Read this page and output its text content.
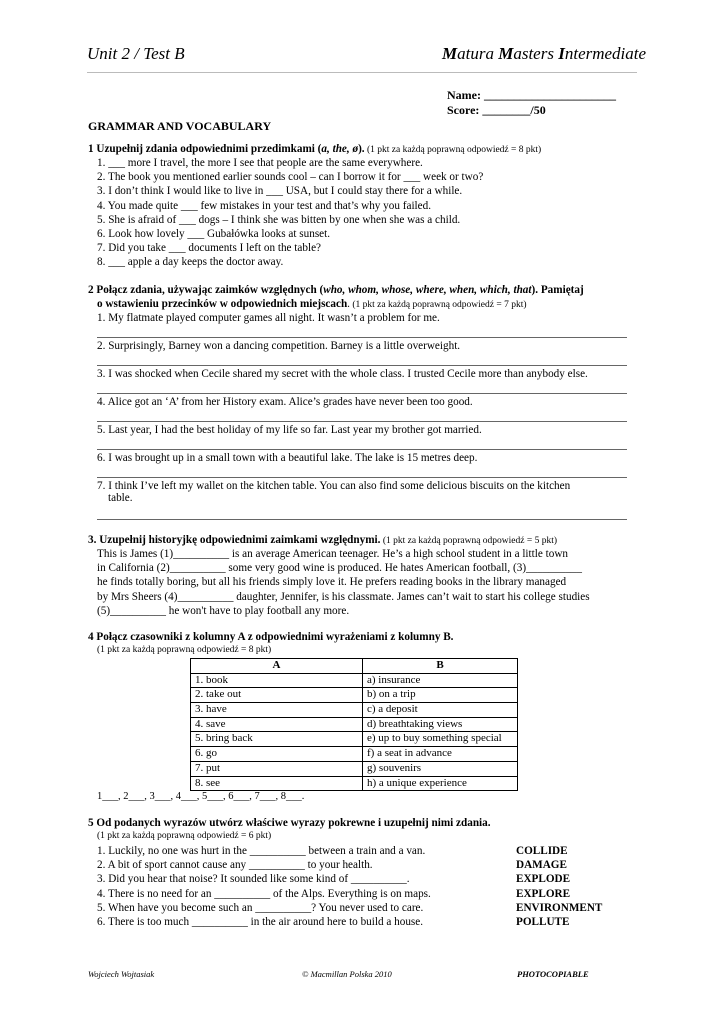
Unit 2 / Test B	Matura Masters Intermediate
Name: ______________________
Score: ________/50
GRAMMAR AND VOCABULARY
1 Uzupełnij zdania odpowiednimi przedimkami (a, the, ø). (1 pkt za każdą poprawną odpowiedź = 8 pkt)
1. ___ more I travel, the more I see that people are the same everywhere.
2. The book you mentioned earlier sounds cool – can I borrow it for ___ week or two?
3. I don’t think I would like to live in ___ USA, but I could stay there for a while.
4. You made quite ___ few mistakes in your test and that’s why you failed.
5. She is afraid of ___ dogs – I think she was bitten by one when she was a child.
6. Look how lovely ___ Gubałówka looks at sunset.
7. Did you take ___ documents I left on the table?
8. ___ apple a day keeps the doctor away.
2 Połącz zdania, używając zaimków względnych (who, whom, whose, where, when, which, that). Pamiętaj
o wstawieniu przecinków w odpowiednich miejscach. (1 pkt za każdą poprawną odpowiedź = 7 pkt)
1. My flatmate played computer games all night. It wasn’t a problem for me.
2. Surprisingly, Barney won a dancing competition. Barney is a little overweight.
3. I was shocked when Cecile shared my secret with the whole class. I trusted Cecile more than anybody else.
4. Alice got an ‘A’ from her History exam. Alice’s grades have never been too good.
5. Last year, I had the best holiday of my life so far. Last year my brother got married.
6. I was brought up in a small town with a beautiful lake. The lake is 15 metres deep.
7. I think I’ve left my wallet on the kitchen table. You can also find some delicious biscuits on the kitchen
table.
3. Uzupełnij historyjkę odpowiednimi zaimkami względnymi. (1 pkt za każdą poprawną odpowiedź = 5 pkt)
This is James (1)__________ is an average American teenager. He’s a high school student in a little town
in California (2)__________ some very good wine is produced. He hates American football, (3)__________
he finds totally boring, but all his friends simply love it. He prefers reading books in the library managed
by Mrs Sheers (4)__________ daughter, Jennifer, is his classmate. James can’t wait to start his college studies
(5)__________ he won't have to play football any more.
4 Połącz czasowniki z kolumny A z odpowiednimi wyrażeniami z kolumny B.
(1 pkt za każdą poprawną odpowiedź = 8 pkt)
A	B
1. book	a) insurance
2. take out	b) on a trip
3. have	c) a deposit
4. save	d) breathtaking views
5. bring back	e) up to buy something special
6. go	f) a seat in advance
7. put	g) souvenirs
8. see	h) a unique experience
1___, 2___, 3___, 4___, 5___, 6___, 7___, 8___.
5 Od podanych wyrazów utwórz właściwe wyrazy pokrewne i uzupełnij nimi zdania.
(1 pkt za każdą poprawną odpowiedź = 6 pkt)
1. Luckily, no one was hurt in the __________ between a train and a van.	COLLIDE
2. A bit of sport cannot cause any __________ to your health.	DAMAGE
3. Did you hear that noise? It sounded like some kind of __________.	EXPLODE
4. There is no need for an __________ of the Alps. Everything is on maps.	EXPLORE
5. When have you become such an __________? You never used to care.	ENVIRONMENT
6. There is too much __________ in the air around here to build a house.	POLLUTE
Wojciech Wojtasiak	© Macmillan Polska 2010	PHOTOCOPIABLE
